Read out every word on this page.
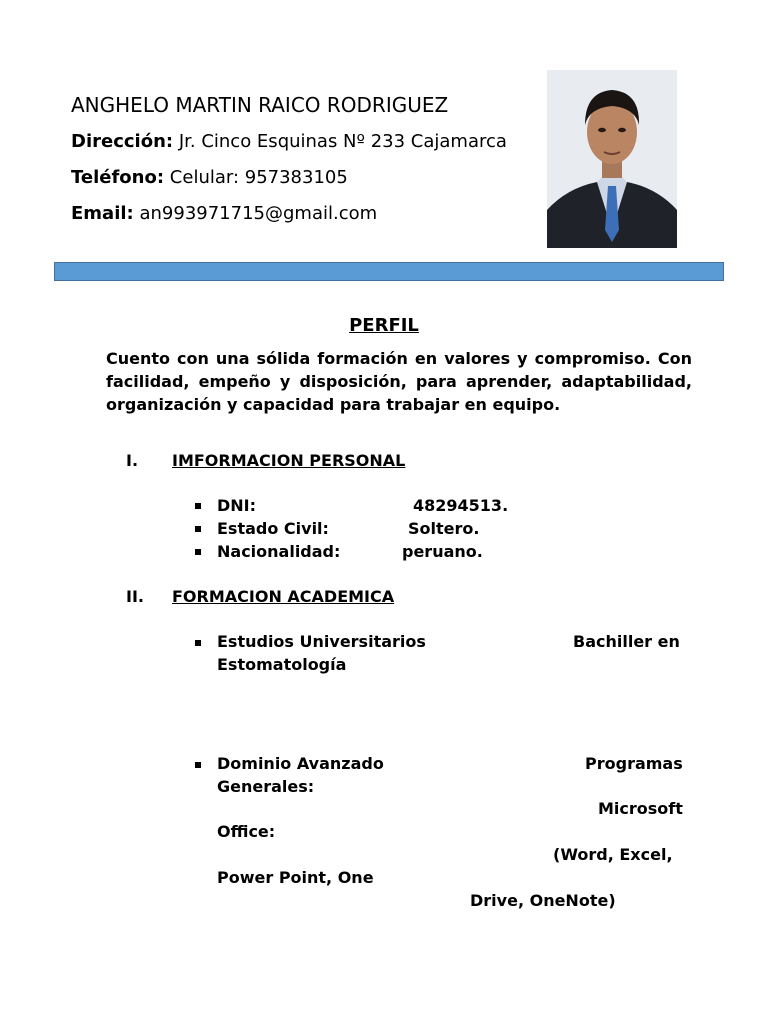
ANGHELO MARTIN RAICO RODRIGUEZ
Dirección: Jr. Cinco Esquinas Nº 233 Cajamarca
Teléfono: Celular: 957383105
Email: an993971715@gmail.com
PERFIL
Cuento con una sólida formación en valores y compromiso. Con facilidad, empeño y disposición, para aprender, adaptabilidad, organización y capacidad para trabajar en equipo.
I. IMFORMACION PERSONAL
DNI:	48294513.
Estado Civil:	Soltero.
Nacionalidad:	peruano.
II. FORMACION ACADEMICA
Estudios Universitarios	Bachiller en
Estomatología
Dominio Avanzado	Programas
Generales:
Microsoft
Office:
(Word, Excel,
Power Point, One
Drive, OneNote)
